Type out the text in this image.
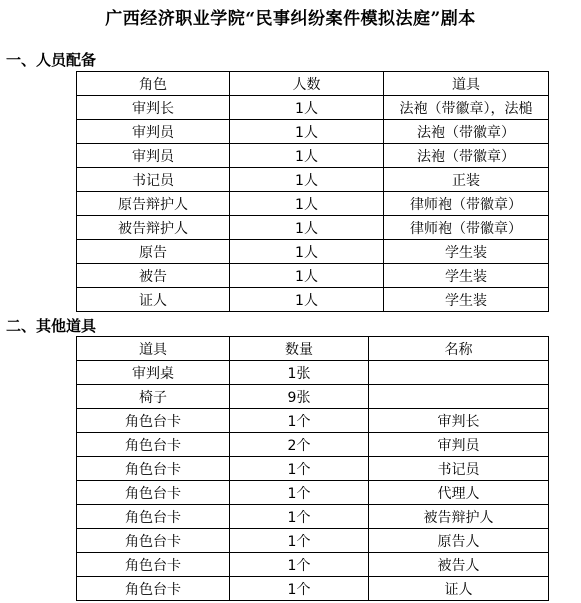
广西经济职业学院“民事纠纷案件模拟法庭”剧本
一、人员配备
角色	人数	道具
审判长	1人	法袍（带徽章），法槌
审判员	1人	法袍（带徽章）
审判员	1人	法袍（带徽章）
书记员	1人	正装
原告辩护人	1人	律师袍（带徽章）
被告辩护人	1人	律师袍（带徽章）
原告	1人	学生装
被告	1人	学生装
证人	1人	学生装
二、其他道具
道具	数量	名称
审判桌	1张	
椅子	9张	
角色台卡	1个	审判长
角色台卡	2个	审判员
角色台卡	1个	书记员
角色台卡	1个	代理人
角色台卡	1个	被告辩护人
角色台卡	1个	原告人
角色台卡	1个	被告人
角色台卡	1个	证人
